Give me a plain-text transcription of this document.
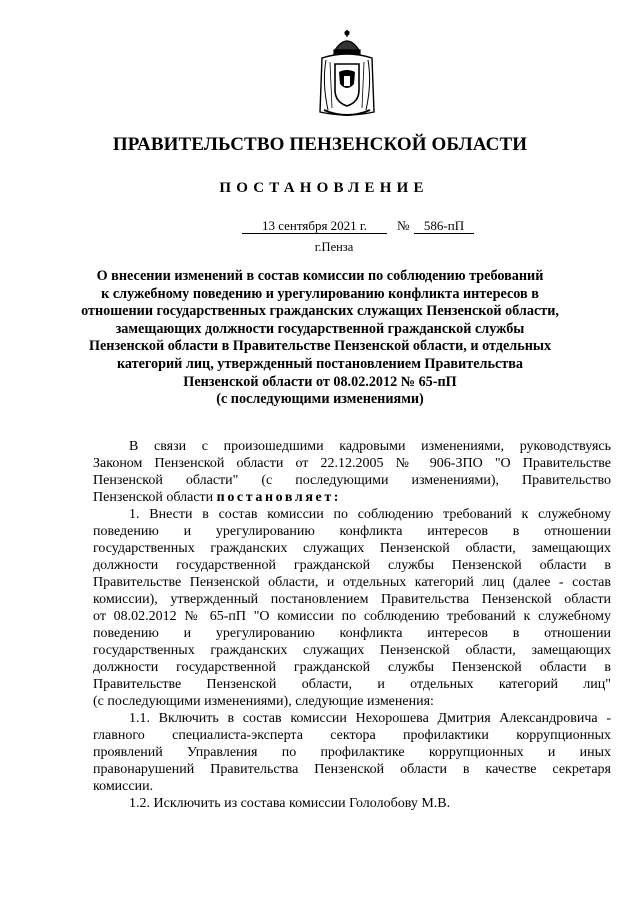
ПРАВИТЕЛЬСТВО ПЕНЗЕНСКОЙ ОБЛАСТИ
ПОСТАНОВЛЕНИЕ
13 сентября 2021 г.	№	586-пП
г.Пенза
О внесении изменений в состав комиссии по соблюдению требований
к служебному поведению и урегулированию конфликта интересов в
отношении государственных гражданских служащих Пензенской области,
замещающих должности государственной гражданской службы
Пензенской области в Правительстве Пензенской области, и отдельных
категорий лиц, утвержденный постановлением Правительства
Пензенской области от 08.02.2012 № 65-пП
(с последующими изменениями)
В связи с произошедшими кадровыми изменениями, руководствуясь
Законом Пензенской области от 22.12.2005 № 906-ЗПО "О Правительстве
Пензенской области" (с последующими изменениями), Правительство
Пензенской области постановляет:
1. Внести в состав комиссии по соблюдению требований к служебному
поведению и урегулированию конфликта интересов в отношении
государственных гражданских служащих Пензенской области, замещающих
должности государственной гражданской службы Пензенской области в
Правительстве Пензенской области, и отдельных категорий лиц (далее - состав
комиссии), утвержденный постановлением Правительства Пензенской области
от 08.02.2012 № 65-пП "О комиссии по соблюдению требований к служебному
поведению и урегулированию конфликта интересов в отношении
государственных гражданских служащих Пензенской области, замещающих
должности государственной гражданской службы Пензенской области в
Правительстве Пензенской области, и отдельных категорий лиц"
(с последующими изменениями), следующие изменения:
1.1. Включить в состав комиссии Нехорошева Дмитрия Александровича -
главного специалиста-эксперта сектора профилактики коррупционных
проявлений Управления по профилактике коррупционных и иных
правонарушений Правительства Пензенской области в качестве секретаря
комиссии.
1.2. Исключить из состава комиссии Гололобову М.В.
